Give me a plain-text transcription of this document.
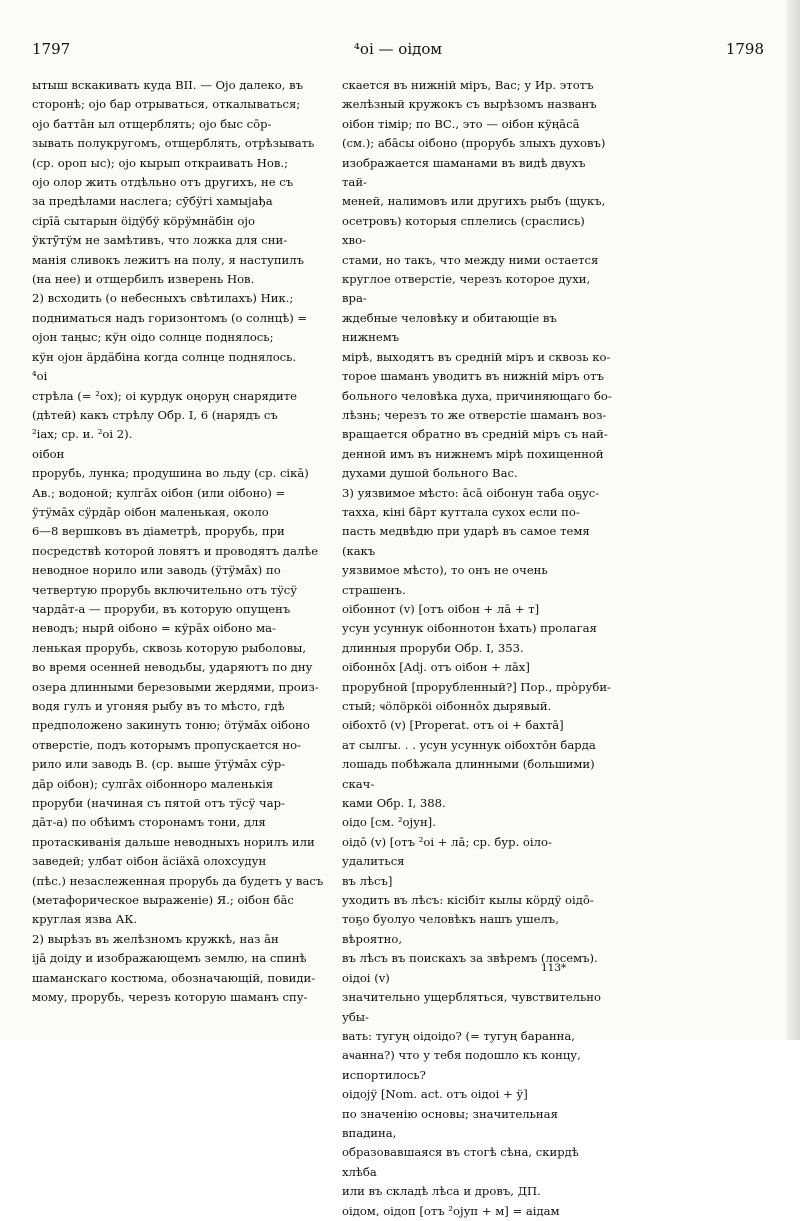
1797	⁴oi — oiдом	1798

ытыш вскакивать куда ВII. — Ојо далеко, въ

сторонѣ; ојо бар отрываться, откалываться;

ојо баттāн ыл отщерблять; ојо быс сōр-

зывать полукругомъ, отщерблять, отрѣзывать

(ср. ороп ыс); ојо кырып откраивать Нов.;

ојо олор жить отдѣльно отъ другихъ, не съ

за предѣлами наслега; сӯбӱгі хамыјађа

сірīā сытарын öідӱбӱ кöрӱмнӓбін ојо

ӱктӱ̄тӱм не замѣтивъ, что ложка для сни-

манія сливокъ лежитъ на полу, я наступилъ

(на нее) и отщербилъ изверень Нов.

2) всходить (о небесныхъ свѣтилахъ) Ник.;

подниматься надъ горизонтомъ (о солнцѣ) =

ојон таңыс; кӱн оідо солнце поднялось;

кӱн ојон ӓрдӓбіна когда солнце поднялось.

⁴oi

стрѣла (= ²ох); оі курдук оңоруң снарядите

(дѣтей) какъ стрѣлу Обр. I, 6 (нарядъ съ

²іах; ср. и. ²оі 2).

oiбон

прорубь, лунка; продушина во льду (ср. сікā)

Ав.; водоной; кулгāх oiбон (или oiбоно) =

ӱтӱмāх сӱрдāр oiбон маленькая, около

6—8 вершковъ въ діаметрѣ, прорубь, при

посредствѣ которой ловятъ и проводятъ далѣе

неводное норило или заводь (ӱтӱмāх) по

четвертую прорубь включительно отъ тӱсӱ

чардāт-а — проруби, въ которую опущенъ

неводъ; нырӣ oiбоно = кӱрāх oiбоно ма-

ленькая прорубь, сквозь которую рыболовы,

во время осенней неводьбы, ударяютъ по дну

озера длинными березовыми жердями, произ-

водя гулъ и угоняя рыбу въ то мѣсто, гдѣ

предположено закинуть тоню; öтӱмāх oiбоно

отверстіе, подъ которымъ пропускается но-

рило или заводь В. (ср. выше ӱтӱмāх сӱр-

дāр oiбон); сулгāх oiбонноро маленькія

проруби (начиная съ пятой отъ тӱсӱ чар-

дāт-а) по обѣимъ сторонамъ тони, для

протаскиванія дальше неводныхъ норилъ или

заведей; улбат oiбон ӓсіӓхā олохсудун

(пѣс.) незаслеженная прорубь да будетъ у васъ

(метафорическое выраженіе) Я.; oiбон бāс

круглая язва АК.

2) вырѣзъ въ желѣзномъ кружкѣ, наз āн

іјā доіду и изображающемъ землю, на спинѣ

шаманскаго костюма, обозначающій, повиди-

мому, прорубь, черезъ которую шаманъ спу-

скается въ нижній міръ, Вас; у Ир. этотъ

желѣзный кружокъ съ вырѣзомъ названъ

oiбон тімір; по ВС., это — oiбон кӱңāсā

(см.); абāсы oiбоно (прорубь злыхъ духовъ)

изображается шаманами въ видѣ двухъ тай-

меней, налимовъ или другихъ рыбъ (щукъ,

осетровъ) которыя сплелись (сраслись) хво-

стами, но такъ, что между ними остается

круглое отверстіе, черезъ которое духи, вра-

ждебные человѣку и обитающіе въ нижнемъ

мірѣ, выходятъ въ средній міръ и сквозь ко-

торое шаманъ уводитъ въ нижній міръ отъ

больного человѣка духа, причиняющаго бо-

лѣзнь; черезъ то же отверстіе шаманъ воз-

вращается обратно въ средній міръ съ най-

денной имъ въ нижнемъ мірѣ похищенной

духами душой больного Вас.

3) уязвимое мѣсто: āсā oiбонун таба оҕус-

тахха, кіні бāрт куттала сухох если по-

пасть медвѣдю при ударѣ въ самое темя (какъ

уязвимое мѣсто), то онъ не очень страшенъ.

oiбоннот (v) [отъ oiбон + лā + т]

усун усуннук oiбоннотон ѣхать) пролагая

длинныя проруби Обр. I, 353.

oiбоннōх [Adj. отъ oiбон + лāх]

прорубной [прорубленный?] Пор., прòруби-

стый; ҹöлöркöі oiбоннōх дырявый.

oiбохтō (v) [Properat. отъ oi + бахтā]

ат сылгы. . . усун усуннук oiбохтōн барда

лошадь побѣжала длинными (большими) скач-

ками Обр. I, 388.

oiдо [см. ²ојун].

oiдō (v) [отъ ²оi + лā; ср. бур. оіло- удалиться

въ лѣсъ]

уходить въ лѣсъ: кісібіт кылы кöрдӱ oiдō-

тоҕо буолуо человѣкъ нашъ ушелъ, вѣроятно,

въ лѣсъ въ поискахъ за звѣремъ (лосемъ).

oiдoi (v)

значительно ущербляться, чувствительно убы-

вать: тугуң oiдoiдо? (= тугуң баранна,

аҹанна?) что у тебя подошло къ концу,

испортилось?

oiдојӱ [Nom. act. отъ oiдoi + ӱ]

по значенію основы; значительная впадина,

образовавшаяся въ стогѣ сѣна, скирдѣ хлѣба

или въ складѣ лѣса и дровъ, ДП.

oiдом, oiдоп [отъ ²ојуп + м] = аідам

113*
